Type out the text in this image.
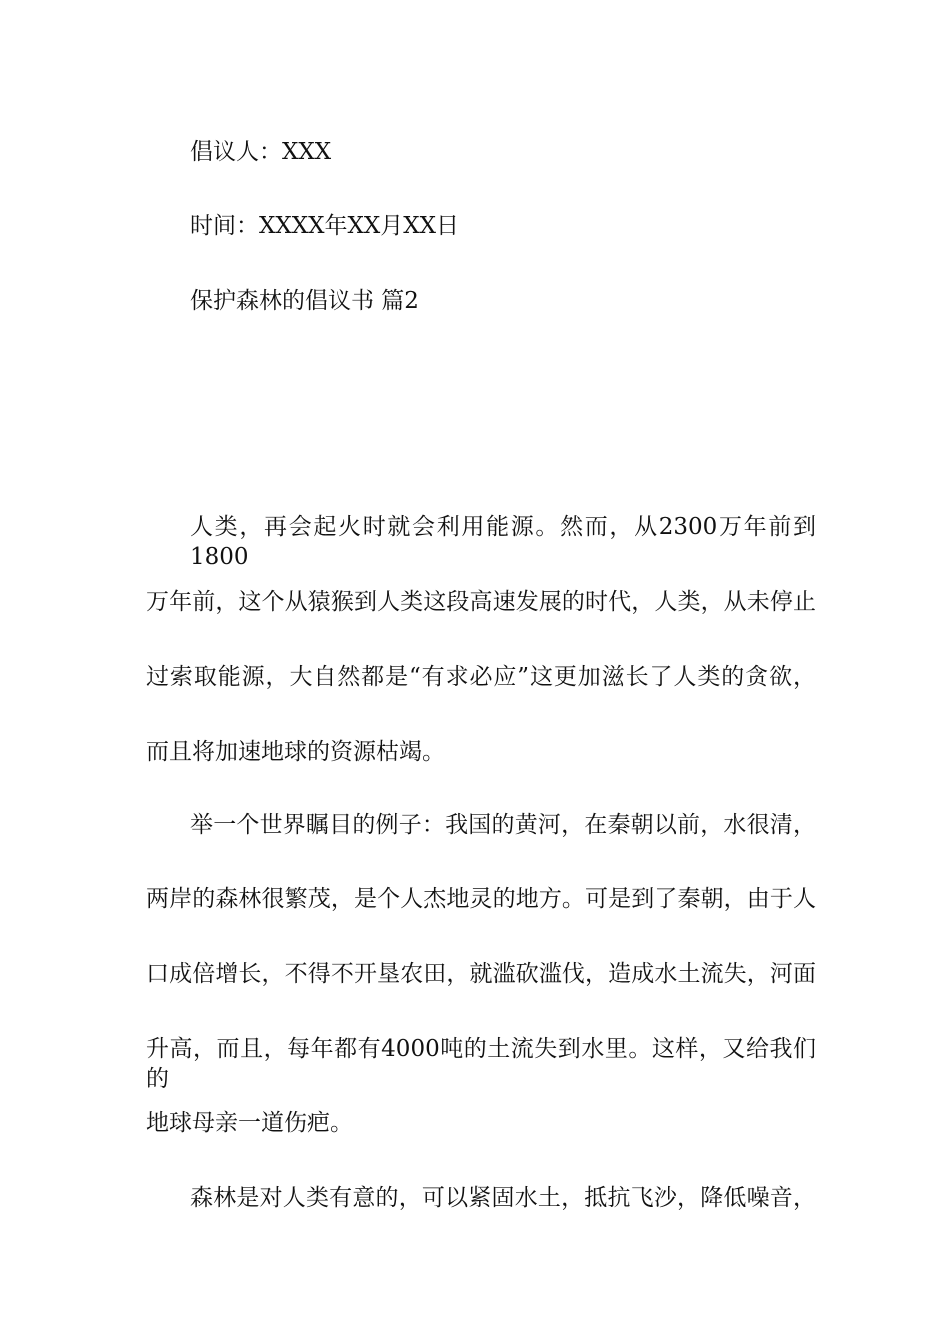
倡议人：XXX
时间：XXXX年XX月XX日
保护森林的倡议书 篇2
人类，再会起火时就会利用能源。然而，从2300万年前到1800
万年前，这个从猿猴到人类这段高速发展的时代，人类，从未停止
过索取能源，大自然都是“有求必应”这更加滋长了人类的贪欲，
而且将加速地球的资源枯竭。
举一个世界瞩目的例子：我国的黄河，在秦朝以前，水很清，
两岸的森林很繁茂，是个人杰地灵的地方。可是到了秦朝，由于人
口成倍增长，不得不开垦农田，就滥砍滥伐，造成水土流失，河面
升高，而且，每年都有4000吨的土流失到水里。这样，又给我们的
地球母亲一道伤疤。
森林是对人类有意的，可以紧固水土，抵抗飞沙，降低噪音，
